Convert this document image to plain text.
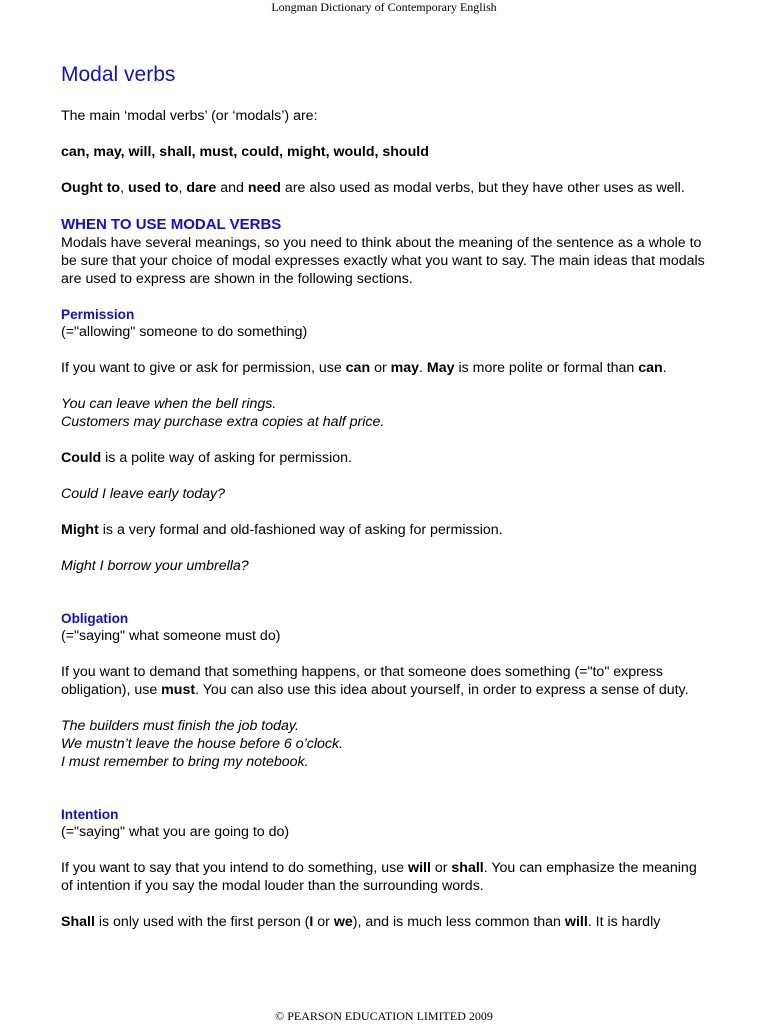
Longman Dictionary of Contemporary English
Modal verbs

The main ‘modal verbs’ (or ‘modals’) are:

can, may, will, shall, must, could, might, would, should

Ought to, used to, dare and need are also used as modal verbs, but they have other uses as well.

WHEN TO USE MODAL VERBS

Modals have several meanings, so you need to think about the meaning of the sentence as a whole to be sure that your choice of modal expresses exactly what you want to say. The main ideas that modals are used to express are shown in the following sections.

Permission

(="allowing" someone to do something)

If you want to give or ask for permission, use can or may. May is more polite or formal than can.

You can leave when the bell rings.

Customers may purchase extra copies at half price.

Could is a polite way of asking for permission.

Could I leave early today?

Might is a very formal and old-fashioned way of asking for permission.

Might I borrow your umbrella?

Obligation

(="saying" what someone must do)

If you want to demand that something happens, or that someone does something (="to" express obligation), use must. You can also use this idea about yourself, in order to express a sense of duty.

The builders must finish the job today.

We mustn’t leave the house before 6 o’clock.

I must remember to bring my notebook.

Intention

(="saying" what you are going to do)

If you want to say that you intend to do something, use will or shall. You can emphasize the meaning of intention if you say the modal louder than the surrounding words.

Shall is only used with the first person (I or we), and is much less common than will. It is hardly

© PEARSON EDUCATION LIMITED 2009
